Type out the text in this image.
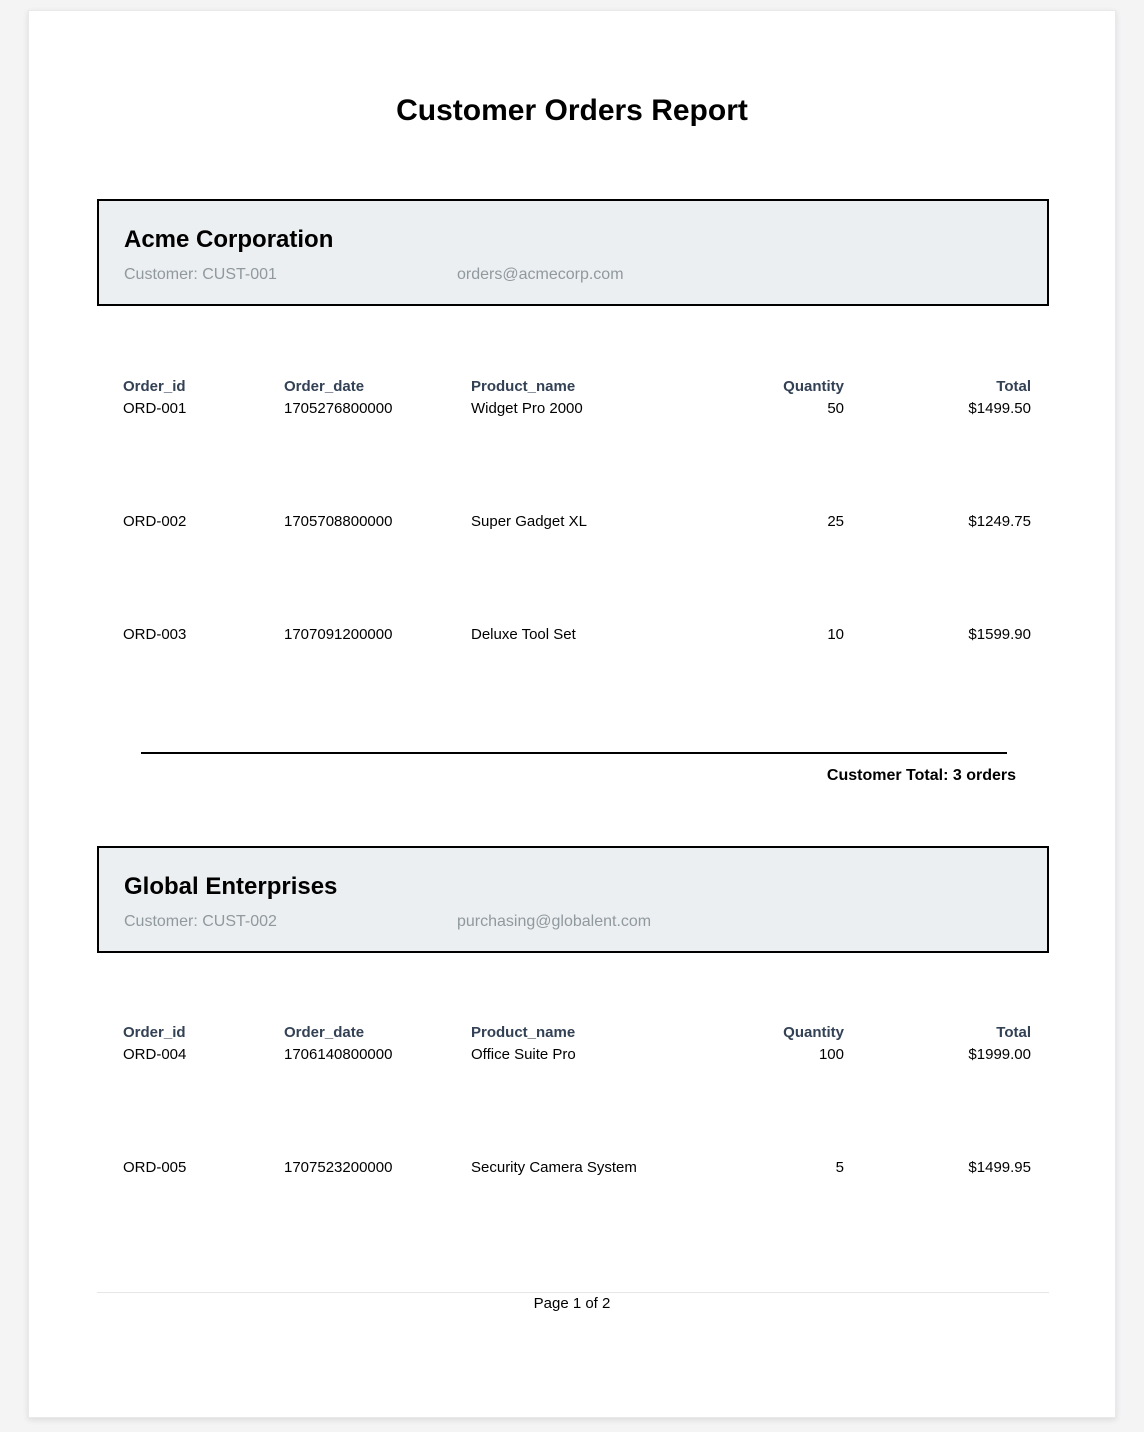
Customer Orders Report
Acme Corporation
Customer: CUST-001	orders@acmecorp.com
Order_id	Order_date	Product_name	Quantity	Total
ORD-001	1705276800000	Widget Pro 2000	50	$1499.50
ORD-002	1705708800000	Super Gadget XL	25	$1249.75
ORD-003	1707091200000	Deluxe Tool Set	10	$1599.90
Customer Total: 3 orders
Global Enterprises
Customer: CUST-002	purchasing@globalent.com
Order_id	Order_date	Product_name	Quantity	Total
ORD-004	1706140800000	Office Suite Pro	100	$1999.00
ORD-005	1707523200000	Security Camera System	5	$1499.95
Page 1 of 2
